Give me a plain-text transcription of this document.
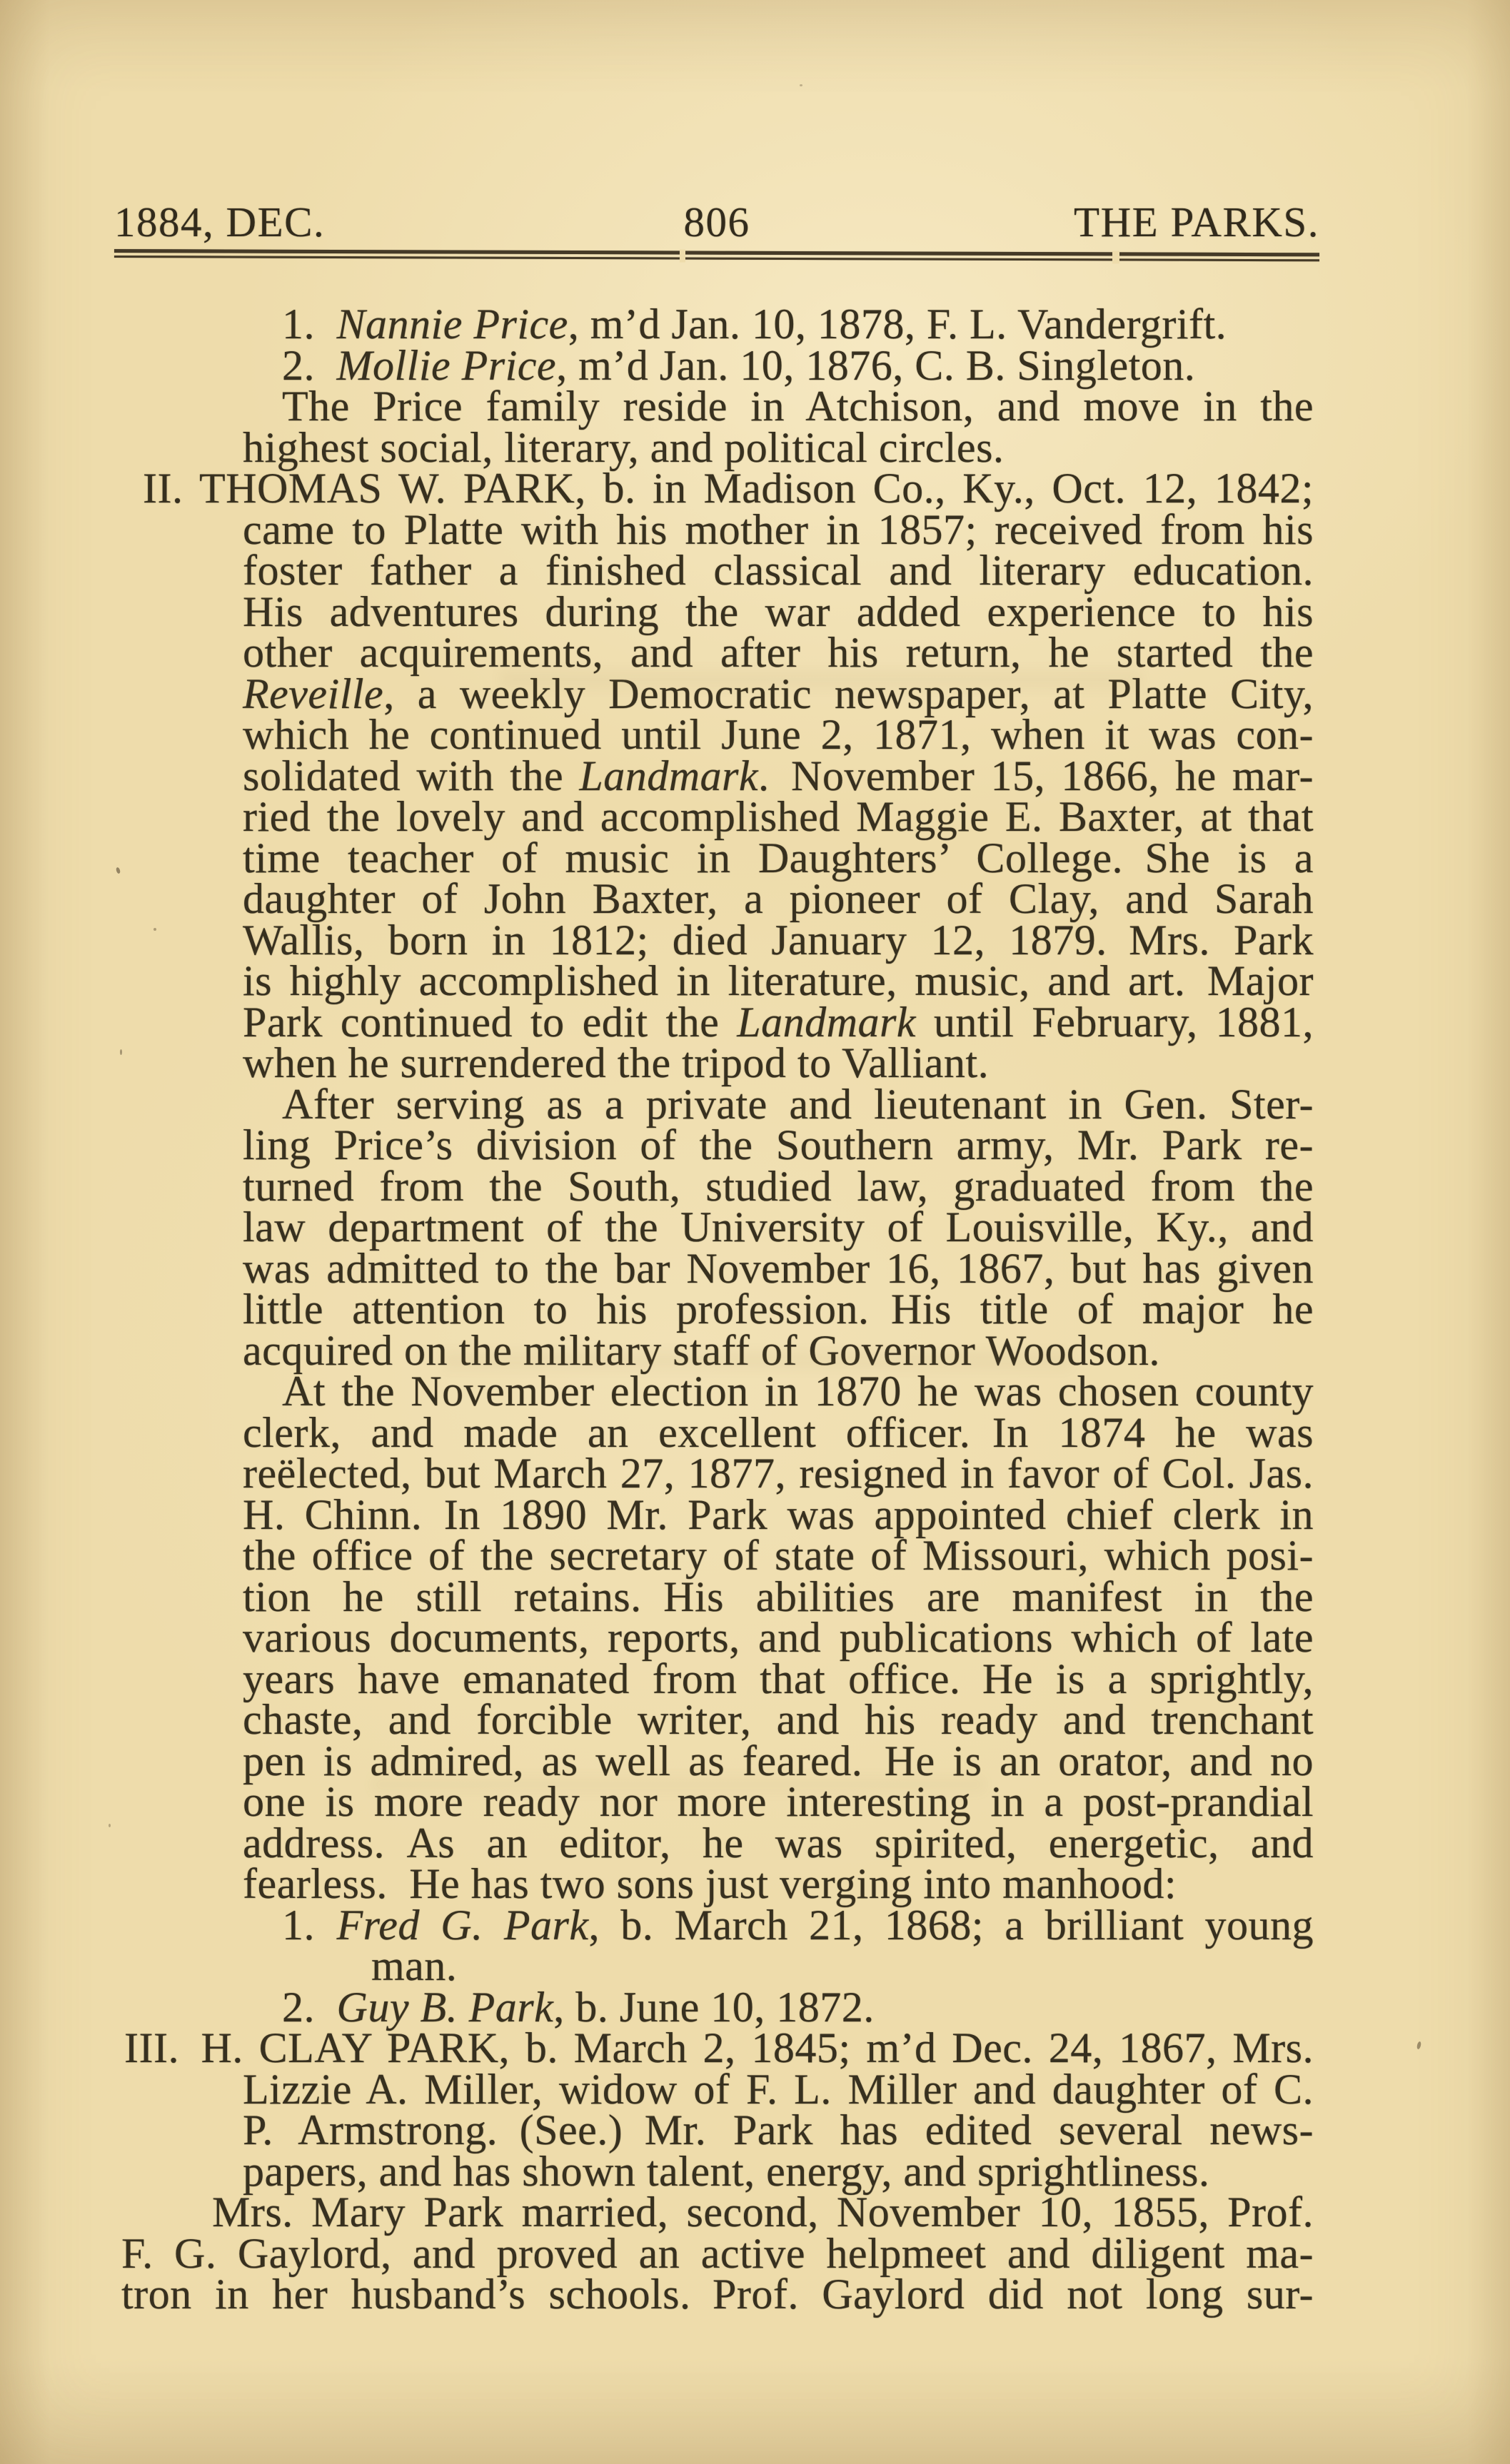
1884, DEC.	806	THE PARKS.
1. Nannie Price, m’d Jan. 10, 1878, F. L. Vandergrift.
2. Mollie Price, m’d Jan. 10, 1876, C. B. Singleton.
The Price family reside in Atchison, and move in the
highest social, literary, and political circles.
II. THOMAS W. PARK, b. in Madison Co., Ky., Oct. 12, 1842;
came to Platte with his mother in 1857; received from his
foster father a finished classical and literary education.
His adventures during the war added experience to his
other acquirements, and after his return, he started the
Reveille, a weekly Democratic newspaper, at Platte City,
which he continued until June 2, 1871, when it was con-
solidated with the Landmark. November 15, 1866, he mar-
ried the lovely and accomplished Maggie E. Baxter, at that
time teacher of music in Daughters’ College. She is a
daughter of John Baxter, a pioneer of Clay, and Sarah
Wallis, born in 1812; died January 12, 1879. Mrs. Park
is highly accomplished in literature, music, and art. Major
Park continued to edit the Landmark until February, 1881,
when he surrendered the tripod to Valliant.
After serving as a private and lieutenant in Gen. Ster-
ling Price’s division of the Southern army, Mr. Park re-
turned from the South, studied law, graduated from the
law department of the University of Louisville, Ky., and
was admitted to the bar November 16, 1867, but has given
little attention to his profession. His title of major he
acquired on the military staff of Governor Woodson.
At the November election in 1870 he was chosen county
clerk, and made an excellent officer. In 1874 he was
reëlected, but March 27, 1877, resigned in favor of Col. Jas.
H. Chinn. In 1890 Mr. Park was appointed chief clerk in
the office of the secretary of state of Missouri, which posi-
tion he still retains. His abilities are manifest in the
various documents, reports, and publications which of late
years have emanated from that office. He is a sprightly,
chaste, and forcible writer, and his ready and trenchant
pen is admired, as well as feared. He is an orator, and no
one is more ready nor more interesting in a post-prandial
address. As an editor, he was spirited, energetic, and
fearless. He has two sons just verging into manhood:
1. Fred G. Park, b. March 21, 1868; a brilliant young
man.
2. Guy B. Park, b. June 10, 1872.
III. H. CLAY PARK, b. March 2, 1845; m’d Dec. 24, 1867, Mrs.
Lizzie A. Miller, widow of F. L. Miller and daughter of C.
P. Armstrong. (See.) Mr. Park has edited several news-
papers, and has shown talent, energy, and sprightliness.
Mrs. Mary Park married, second, November 10, 1855, Prof.
F. G. Gaylord, and proved an active helpmeet and diligent ma-
tron in her husband’s schools. Prof. Gaylord did not long sur-
